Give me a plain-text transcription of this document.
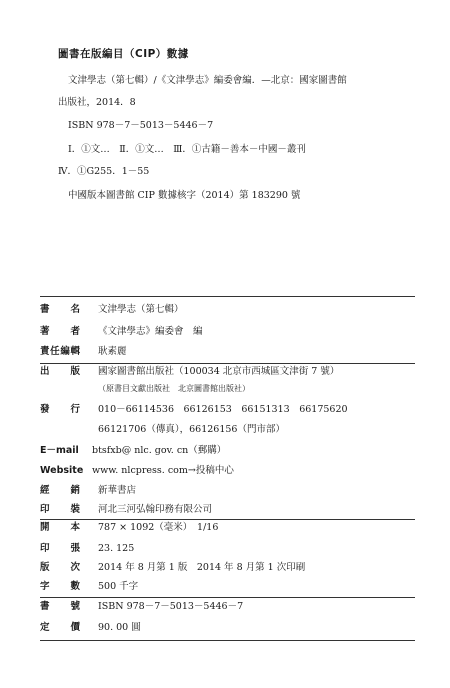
圖書在版編目（CIP）數據
文津學志（第七輯）/《文津學志》編委會編．—北京：國家圖書館
出版社，2014．8
ISBN 978－7－5013－5446－7
Ⅰ．①文…　Ⅱ．①文…　Ⅲ．①古籍－善本－中國－叢刊
Ⅳ．①G255．1－55
中國版本圖書館 CIP 數據核字（2014）第 183290 號
書　　名 文津學志（第七輯）
著　　者 《文津學志》編委會　編
責任編輯 耿素麗
出　　版 國家圖書館出版社（100034 北京市西城區文津街 7 號）
（原書目文獻出版社　北京圖書館出版社）
發　　行 010－66114536　66126153　66151313　66175620
66121706（傳真），66126156（門市部）
E－mail	btsfxb@ nlc. gov. cn（郵購）
Website www. nlcpress. com→投稿中心
經　　銷 新華書店
印　　裝 河北三河弘翰印務有限公司
開　　本 787 × 1092（毫米）　1/16
印　　張 23. 125
版　　次 2014 年 8 月第 1 版　2014 年 8 月第 1 次印刷
字　　數 500 千字
書　　號 ISBN 978－7－5013－5446－7
定　　價 90. 00 圓
